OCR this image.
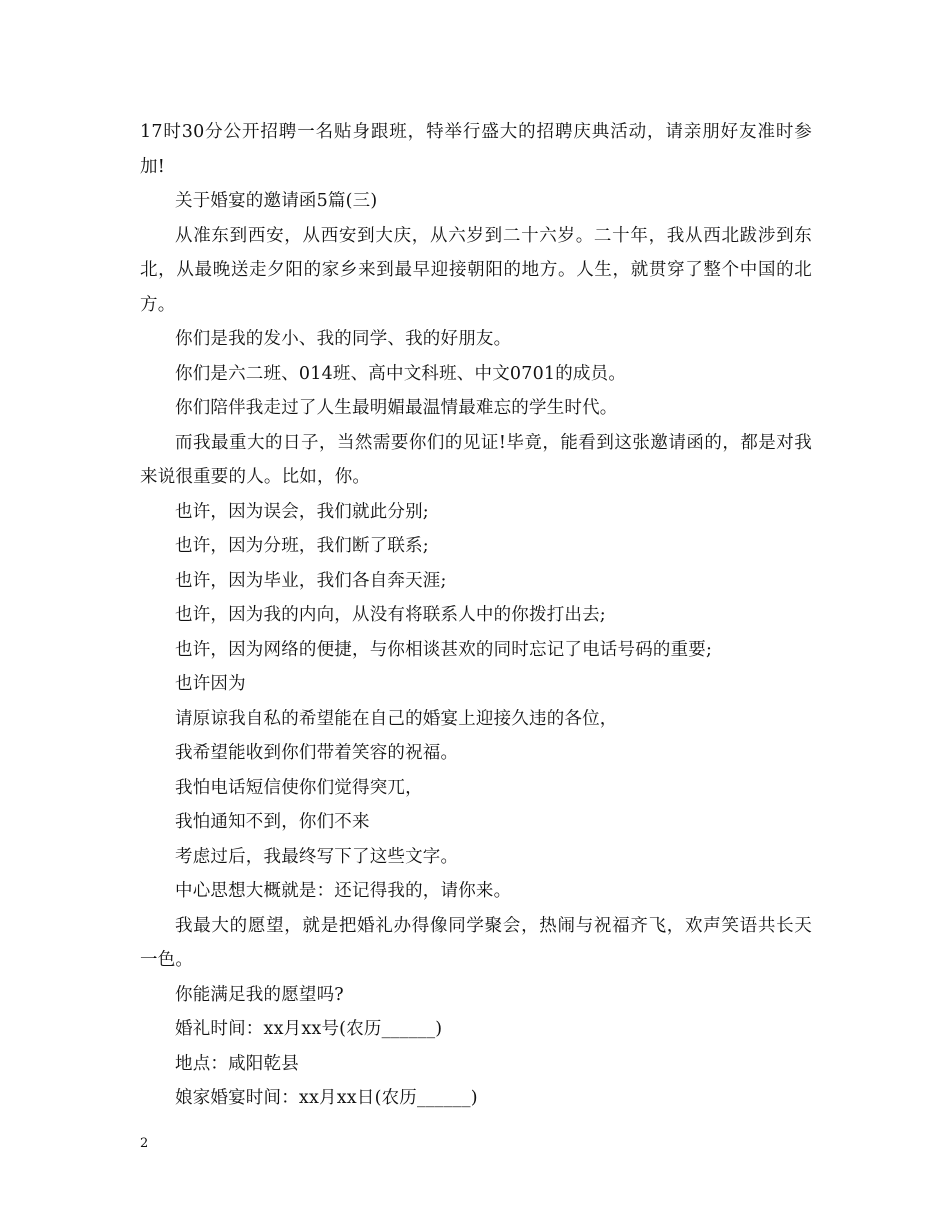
17时30分公开招聘一名贴身跟班，特举行盛大的招聘庆典活动，请亲朋好友准时参加!

关于婚宴的邀请函5篇(三)

从准东到西安，从西安到大庆，从六岁到二十六岁。二十年，我从西北跋涉到东北，从最晚送走夕阳的家乡来到最早迎接朝阳的地方。人生，就贯穿了整个中国的北方。

你们是我的发小、我的同学、我的好朋友。

你们是六二班、014班、高中文科班、中文0701的成员。

你们陪伴我走过了人生最明媚最温情最难忘的学生时代。

而我最重大的日子，当然需要你们的见证!毕竟，能看到这张邀请函的，都是对我来说很重要的人。比如，你。

也许，因为误会，我们就此分别;

也许，因为分班，我们断了联系;

也许，因为毕业，我们各自奔天涯;

也许，因为我的内向，从没有将联系人中的你拨打出去;

也许，因为网络的便捷，与你相谈甚欢的同时忘记了电话号码的重要;

也许因为

请原谅我自私的希望能在自己的婚宴上迎接久违的各位，

我希望能收到你们带着笑容的祝福。

我怕电话短信使你们觉得突兀，

我怕通知不到，你们不来

考虑过后，我最终写下了这些文字。

中心思想大概就是：还记得我的，请你来。

我最大的愿望，就是把婚礼办得像同学聚会，热闹与祝福齐飞，欢声笑语共长天一色。

你能满足我的愿望吗?

婚礼时间：xx月xx号(农历______)

地点：咸阳乾县

娘家婚宴时间：xx月xx日(农历______)

2
